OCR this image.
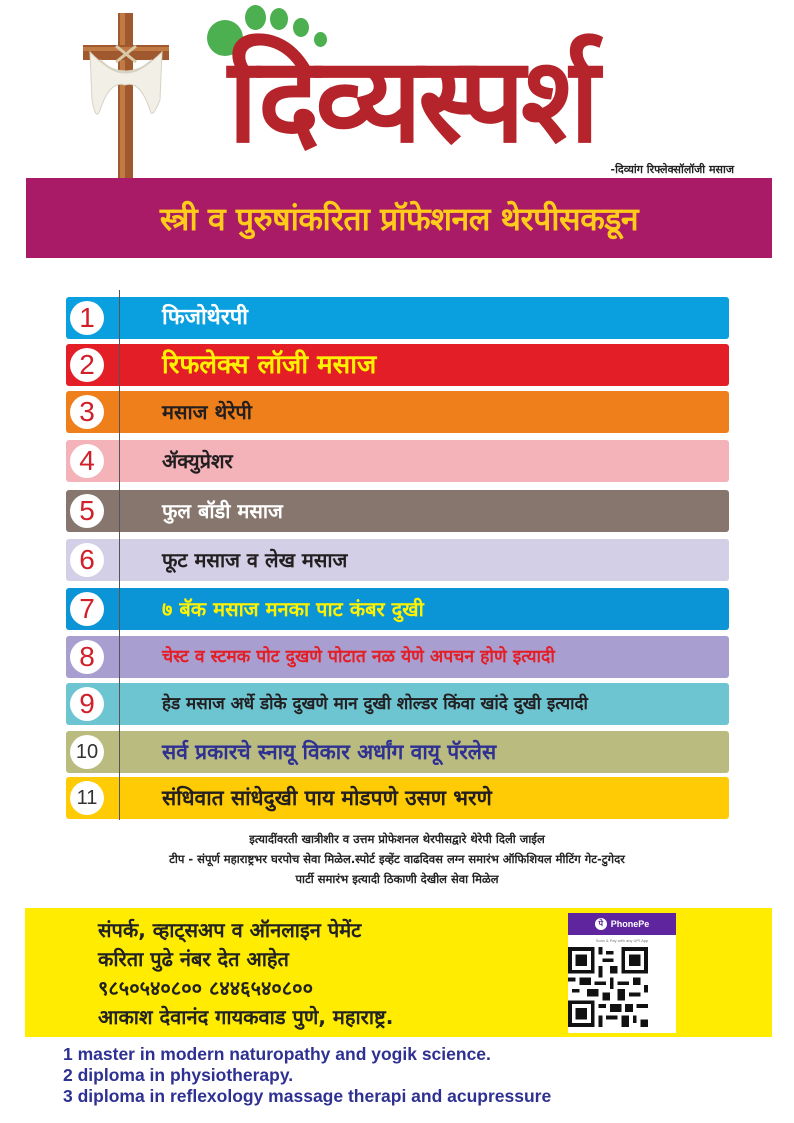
दिव्यस्पर्श
-दिव्यांग रिफ्लेक्सॉलॉजी मसाज
स्त्री व पुरुषांकरिता प्रॉफेशनल थेरपीसकडून
1	फिजोथेरपी
2	रिफलेक्स लॉजी मसाज
3	मसाज थेरेपी
4	ॲक्युप्रेशर
5	फुल बॉडी मसाज
6	फूट मसाज व लेख मसाज
7	७ बॅक मसाज मनका पाट कंबर दुखी
8	चेस्ट व स्टमक पोट दुखणे पोटात नळ येणे अपचन होणे इत्यादी
9	हेड मसाज अर्धे डोके दुखणे मान दुखी शोल्डर किंवा खांदे दुखी इत्यादी
10	सर्व प्रकारचे स्नायू विकार अर्धांग वायू पॅरलेस
11	संधिवात सांधेदुखी पाय मोडपणे उसण भरणे
इत्यादींवरती खात्रीशीर व उत्तम प्रोफेशनल थेरपीसद्वारे थेरेपी दिली जाईल
टीप - संपूर्ण महाराष्ट्रभर घरपोच सेवा मिळेल.स्पोर्ट इव्हेंट वाढदिवस लग्न समारंभ ऑफिशियल मीटिंग गेट-टुगेदर
पार्टी समारंभ इत्यादी ठिकाणी देखील सेवा मिळेल
संपर्क, व्हाट्सअप व ऑनलाइन पेमेंट
करिता पुढे नंबर देत आहेत
९८५०५४०८०० ८४४६५४०८००
आकाश देवानंद गायकवाड पुणे, महाराष्ट्र.
पे PhonePe
Scan & Pay with any UPI App
1 master in modern naturopathy and yogik science.
2 diploma in physiotherapy.
3 diploma in reflexology massage therapi and acupressure
